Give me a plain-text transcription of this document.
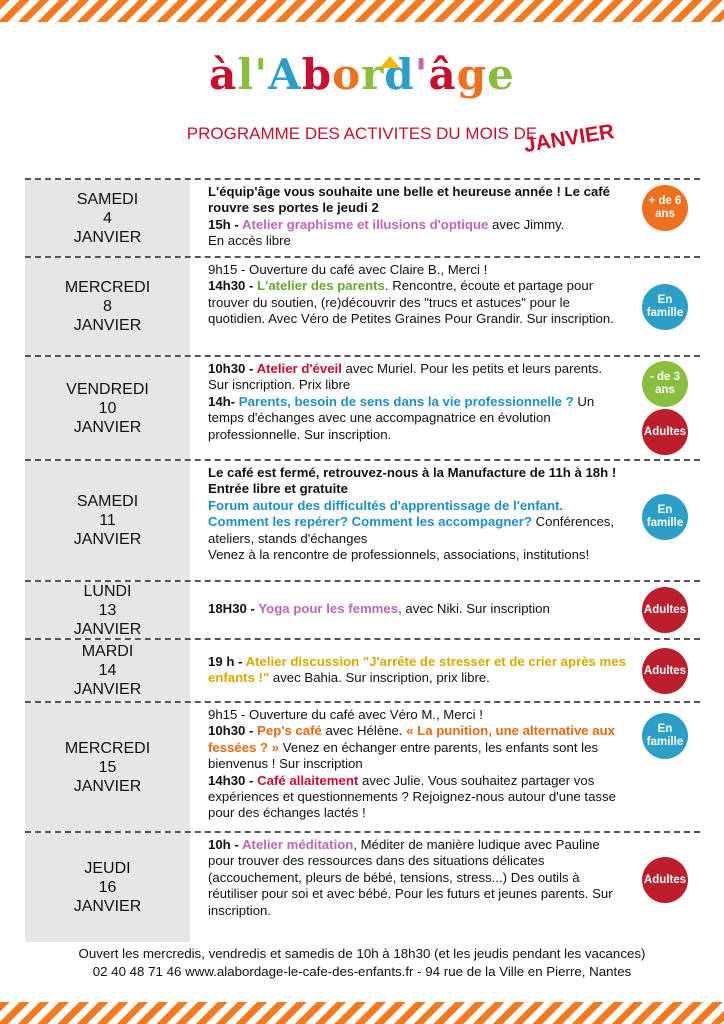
àl'Abord'âge
PROGRAMME DES ACTIVITES DU MOIS DE
JANVIER
SAMEDI
4
JANVIER
L'équip'âge vous souhaite une belle et heureuse année ! Le café rouvre ses portes le jeudi 2
15h - Atelier graphisme et illusions d'optique avec Jimmy.
En accès libre
+ de 6 ans
MERCREDI
8
JANVIER
9h15 - Ouverture du café avec Claire B., Merci !
14h30 - L'atelier des parents. Rencontre, écoute et partage pour trouver du soutien, (re)découvrir des "trucs et astuces" pour le quotidien. Avec Véro de Petites Graines Pour Grandir. Sur inscription.
En famille
VENDREDI
10
JANVIER
10h30 - Atelier d'éveil avec Muriel. Pour les petits et leurs parents. Sur isncription. Prix libre
14h- Parents, besoin de sens dans la vie professionnelle ? Un temps d'échanges avec une accompagnatrice en évolution professionnelle. Sur inscription.
- de 3 ans
Adultes
SAMEDI
11
JANVIER
Le café est fermé, retrouvez-nous à la Manufacture de 11h à 18h ! Entrée libre et gratuite
Forum autour des difficultés d'apprentissage de l'enfant. Comment les repérer? Comment les accompagner? Conférences, ateliers, stands d'échanges
Venez à la rencontre de professionnels, associations, institutions!
En famille
LUNDI
13
JANVIER
18H30 - Yoga pour les femmes, avec Niki. Sur inscription	Adultes
MARDI
14
JANVIER
19 h - Atelier discussion "J'arrête de stresser et de crier après mes enfants !" avec Bahia. Sur inscription, prix libre.	Adultes
MERCREDI
15
JANVIER
9h15 - Ouverture du café avec Véro M., Merci !
10h30 - Pep's café avec Hélène. « La punition, une alternative aux fessées ? » Venez en échanger entre parents, les enfants sont les bienvenus ! Sur inscription
14h30 - Café allaitement avec Julie. Vous souhaitez partager vos expériences et questionnements ? Rejoignez-nous autour d'une tasse pour des échanges lactés !
En famille
JEUDI
16
JANVIER
10h - Atelier méditation, Méditer de manière ludique avec Pauline pour trouver des ressources dans des situations délicates (accouchement, pleurs de bébé, tensions, stress...) Des outils à réutiliser pour soi et avec bébé. Pour les futurs et jeunes parents. Sur inscription.
Adultes
Ouvert les mercredis, vendredis et samedis de 10h à 18h30 (et les jeudis pendant les vacances)
02 40 48 71 46 www.alabordage-le-cafe-des-enfants.fr - 94 rue de la Ville en Pierre, Nantes
